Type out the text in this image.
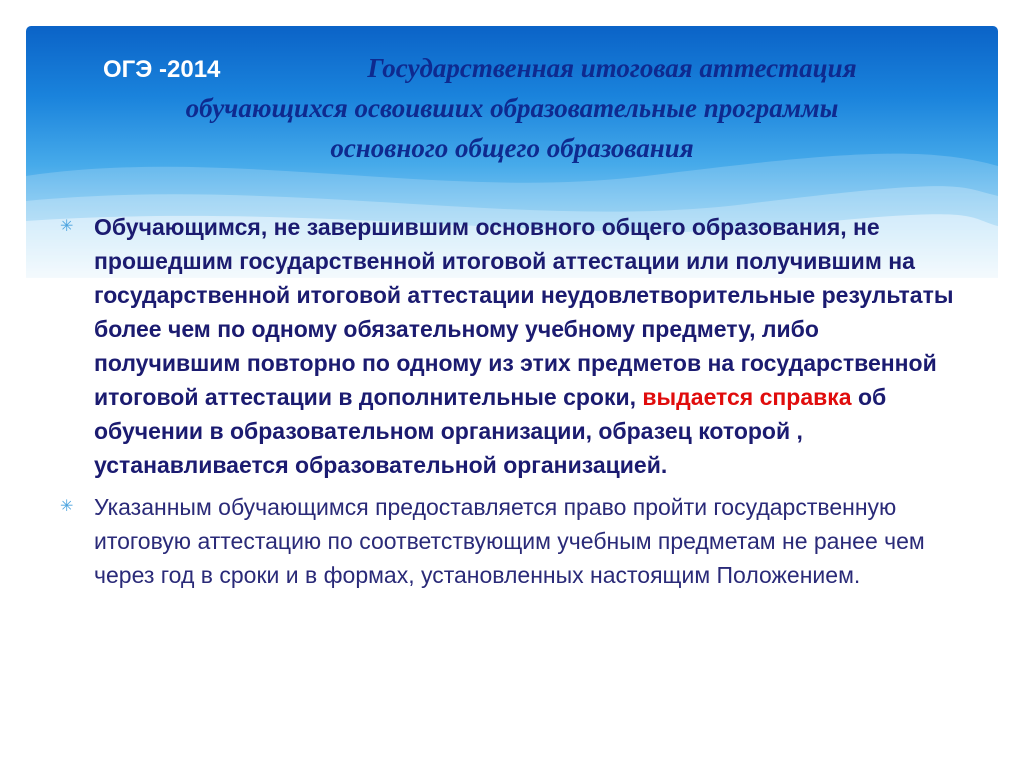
ОГЭ -2014	Государственная итоговая аттестация
обучающихся освоивших образовательные программы
основного общего образования
✳ Обучающимся, не завершившим основного общего образования, не прошедшим государственной итоговой аттестации или получившим на государственной итоговой аттестации неудовлетворительные результаты более чем по одному обязательному учебному предмету, либо получившим повторно по одному из этих предметов на государственной итоговой аттестации в дополнительные сроки, выдается справка об обучении в образовательном организации, образец которой , устанавливается образовательной организацией.
✳ Указанным обучающимся предоставляется право пройти государственную итоговую аттестацию по соответствующим учебным предметам не ранее чем через год в сроки и в формах, установленных настоящим Положением.
